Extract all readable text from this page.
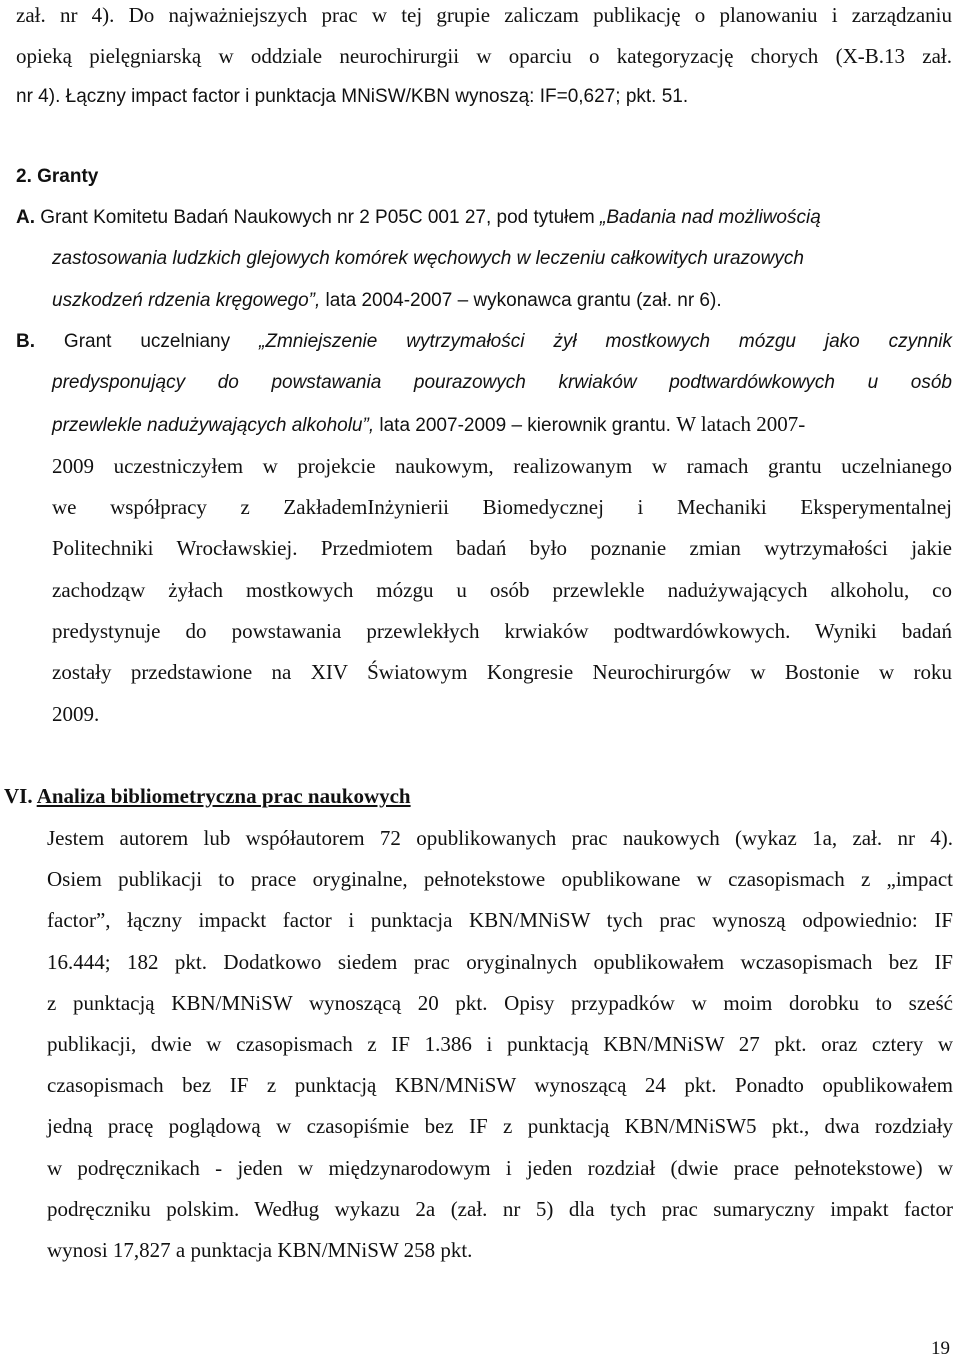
zał. nr 4). Do najważniejszych prac w tej grupie zaliczam publikację o planowaniu i zarządzaniu
opieką pielęgniarską w oddziale neurochirurgii w oparciu o kategoryzację chorych (X-B.13 zał.
nr 4). Łączny impact factor i punktacja MNiSW/KBN wynoszą: IF=0,627; pkt. 51.
2. Granty
A. Grant Komitetu Badań Naukowych nr 2 P05C 001 27, pod tytułem „Badania nad możliwością
zastosowania ludzkich glejowych komórek węchowych w leczeniu całkowitych urazowych
uszkodzeń rdzenia kręgowego”, lata 2004-2007 – wykonawca grantu (zał. nr 6).
B. Grant uczelniany „Zmniejszenie wytrzymałości żył mostkowych mózgu jako czynnik
predysponujący do powstawania pourazowych krwiaków podtwardówkowych u osób
przewlekle nadużywających alkoholu”, lata 2007-2009 – kierownik grantu. W latach 2007-
2009 uczestniczyłem w projekcie naukowym, realizowanym w ramach grantu uczelnianego
we współpracy z ZakłademInżynierii Biomedycznej i Mechaniki Eksperymentalnej
Politechniki Wrocławskiej. Przedmiotem badań było poznanie zmian wytrzymałości jakie
zachodząw żyłach mostkowych mózgu u osób przewlekle nadużywających alkoholu, co
predystynuje do powstawania przewlekłych krwiaków podtwardówkowych. Wyniki badań
zostały przedstawione na XIV Światowym Kongresie Neurochirurgów w Bostonie w roku
2009.
VI. Analiza bibliometryczna prac naukowych
Jestem autorem lub współautorem 72 opublikowanych prac naukowych (wykaz 1a, zał. nr 4).
Osiem publikacji to prace oryginalne, pełnotekstowe opublikowane w czasopismach z „impact
factor”, łączny impackt factor i punktacja KBN/MNiSW tych prac wynoszą odpowiednio: IF
16.444; 182 pkt. Dodatkowo siedem prac oryginalnych opublikowałem wczasopismach bez IF
z punktacją KBN/MNiSW wynoszącą 20 pkt. Opisy przypadków w moim dorobku to sześć
publikacji, dwie w czasopismach z IF 1.386 i punktacją KBN/MNiSW 27 pkt. oraz cztery w
czasopismach bez IF z punktacją KBN/MNiSW wynoszącą 24 pkt. Ponadto opublikowałem
jedną pracę poglądową w czasopiśmie bez IF z punktacją KBN/MNiSW5 pkt., dwa rozdziały
w podręcznikach - jeden w międzynarodowym i jeden rozdział (dwie prace pełnotekstowe) w
podręczniku polskim. Według wykazu 2a (zał. nr 5) dla tych prac sumaryczny impakt factor
wynosi 17,827 a punktacja KBN/MNiSW 258 pkt.
19
